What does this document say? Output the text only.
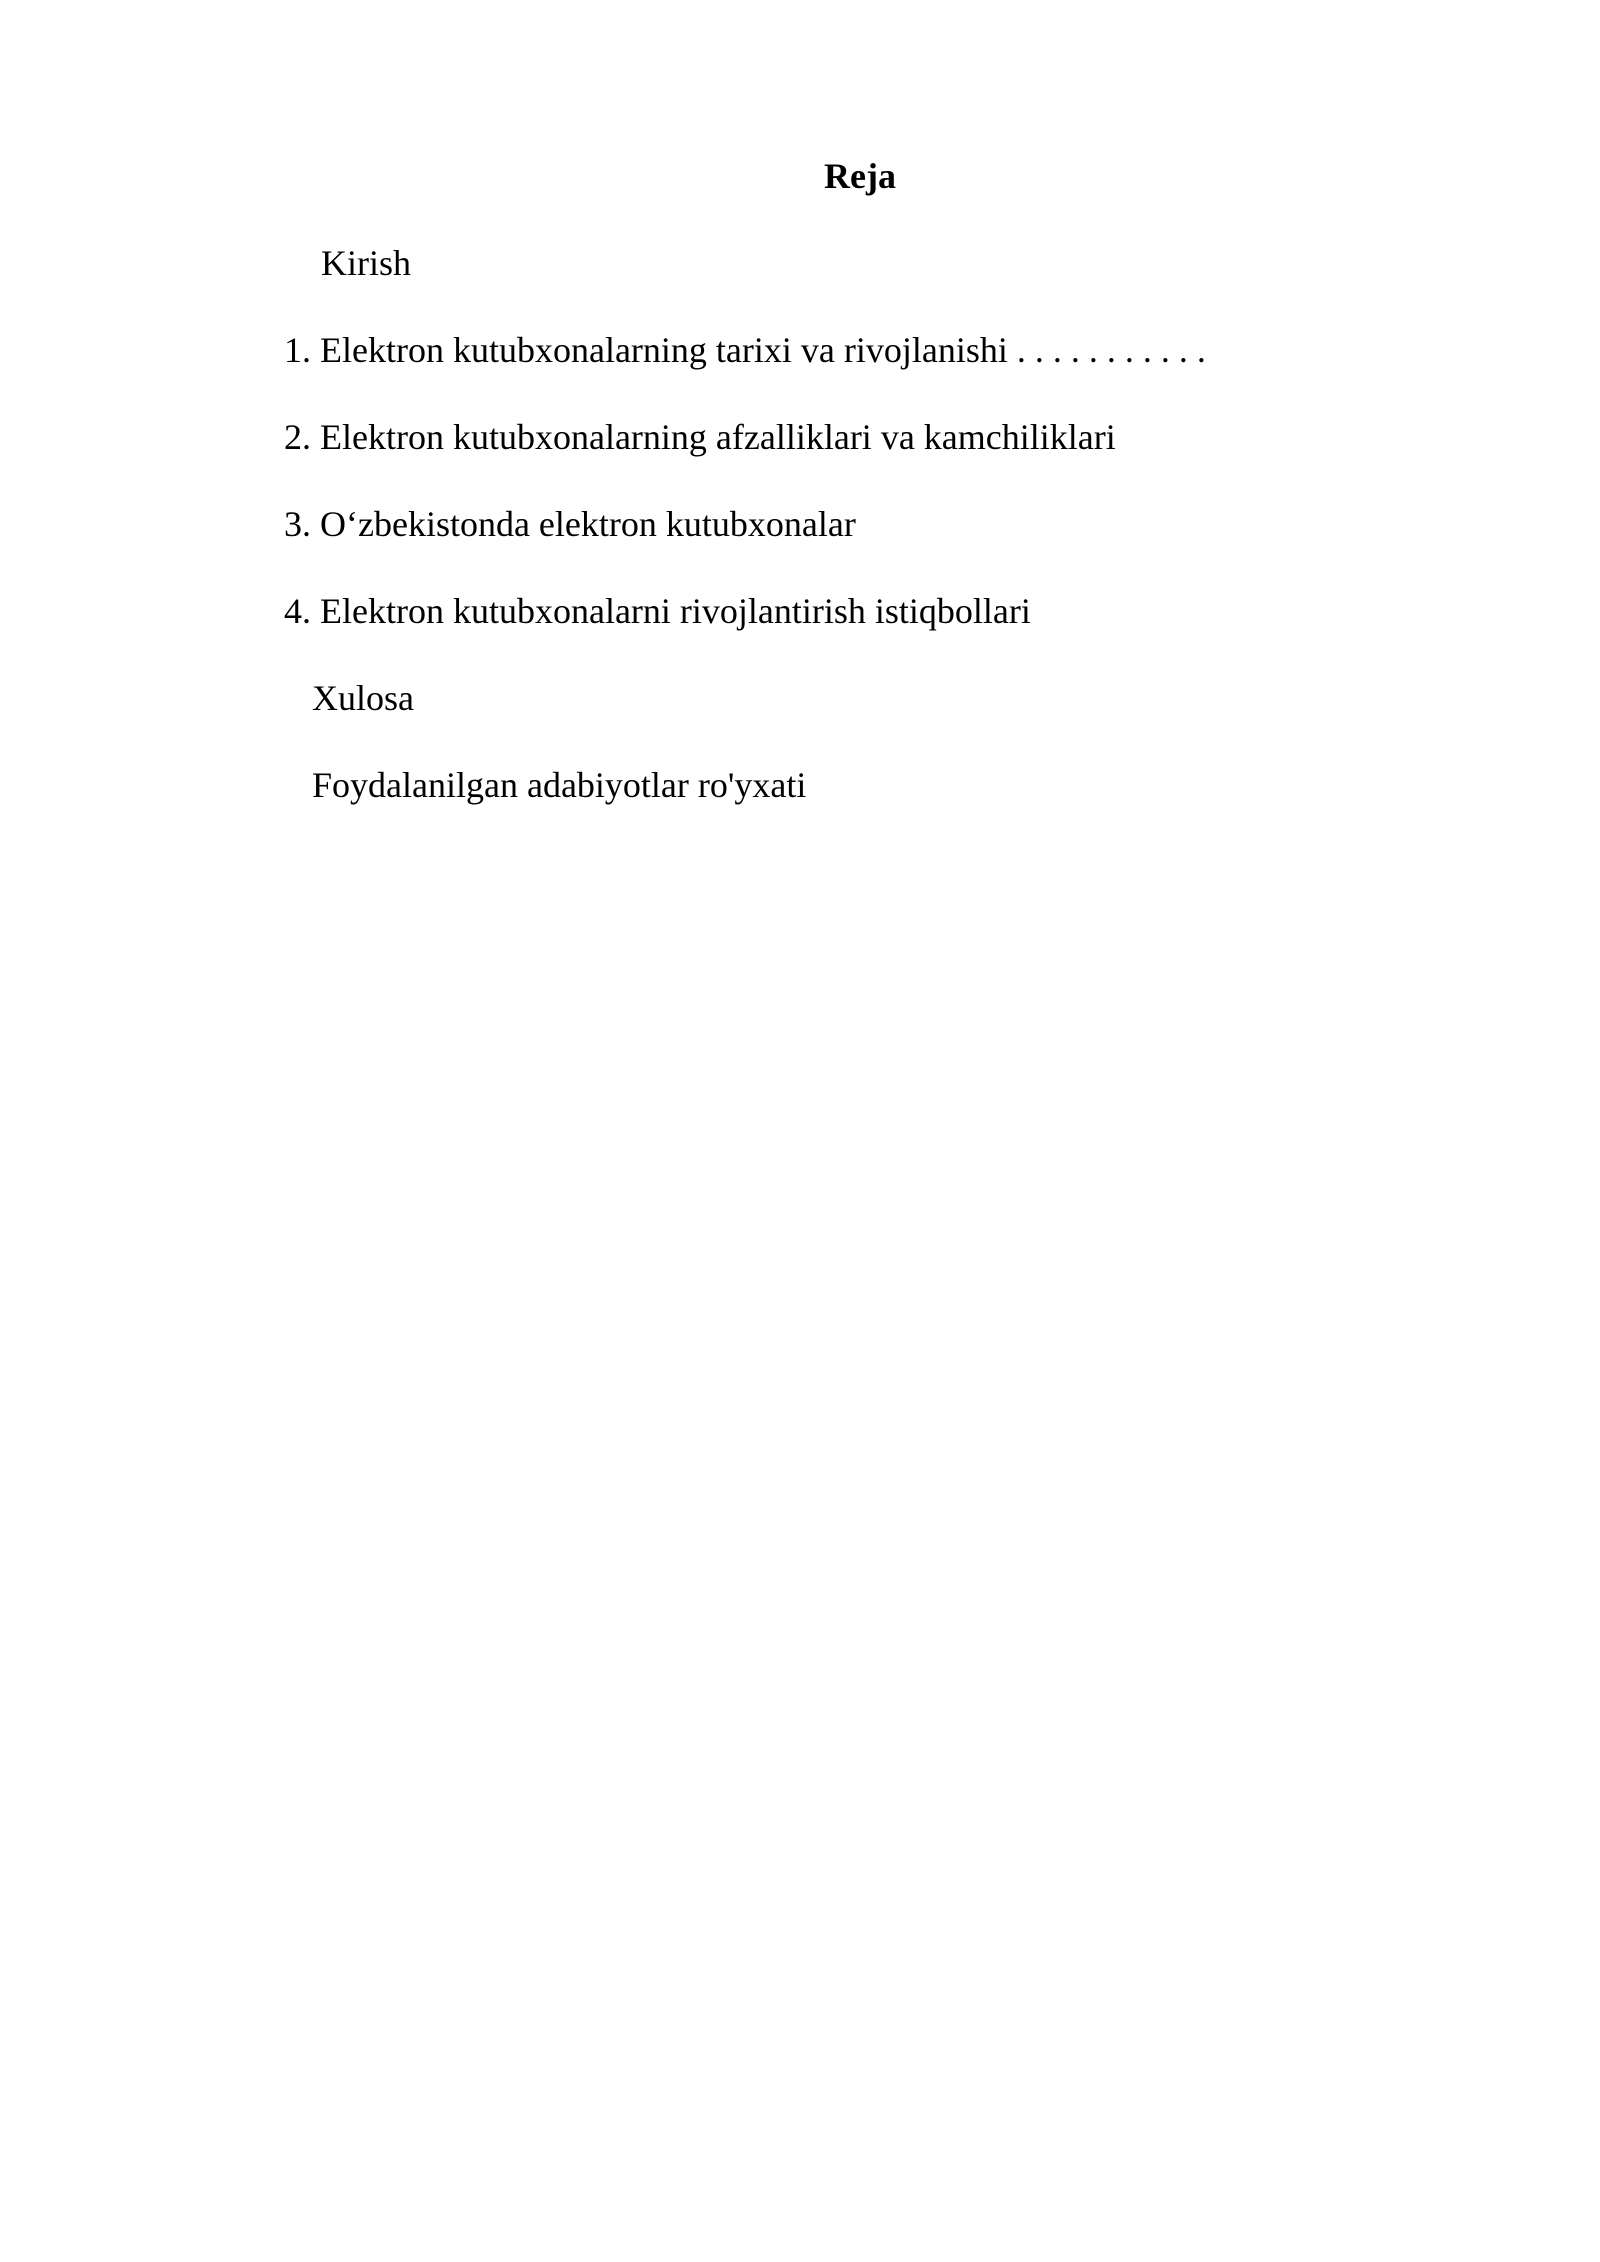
Reja
Kirish
1. Elektron kutubxonalarning tarixi va rivojlanishi . . . . . . . . . . .
2. Elektron kutubxonalarning afzalliklari va kamchiliklari
3. O‘zbekistonda elektron kutubxonalar
4. Elektron kutubxonalarni rivojlantirish istiqbollari
Xulosa
Foydalanilgan adabiyotlar ro'yxati
